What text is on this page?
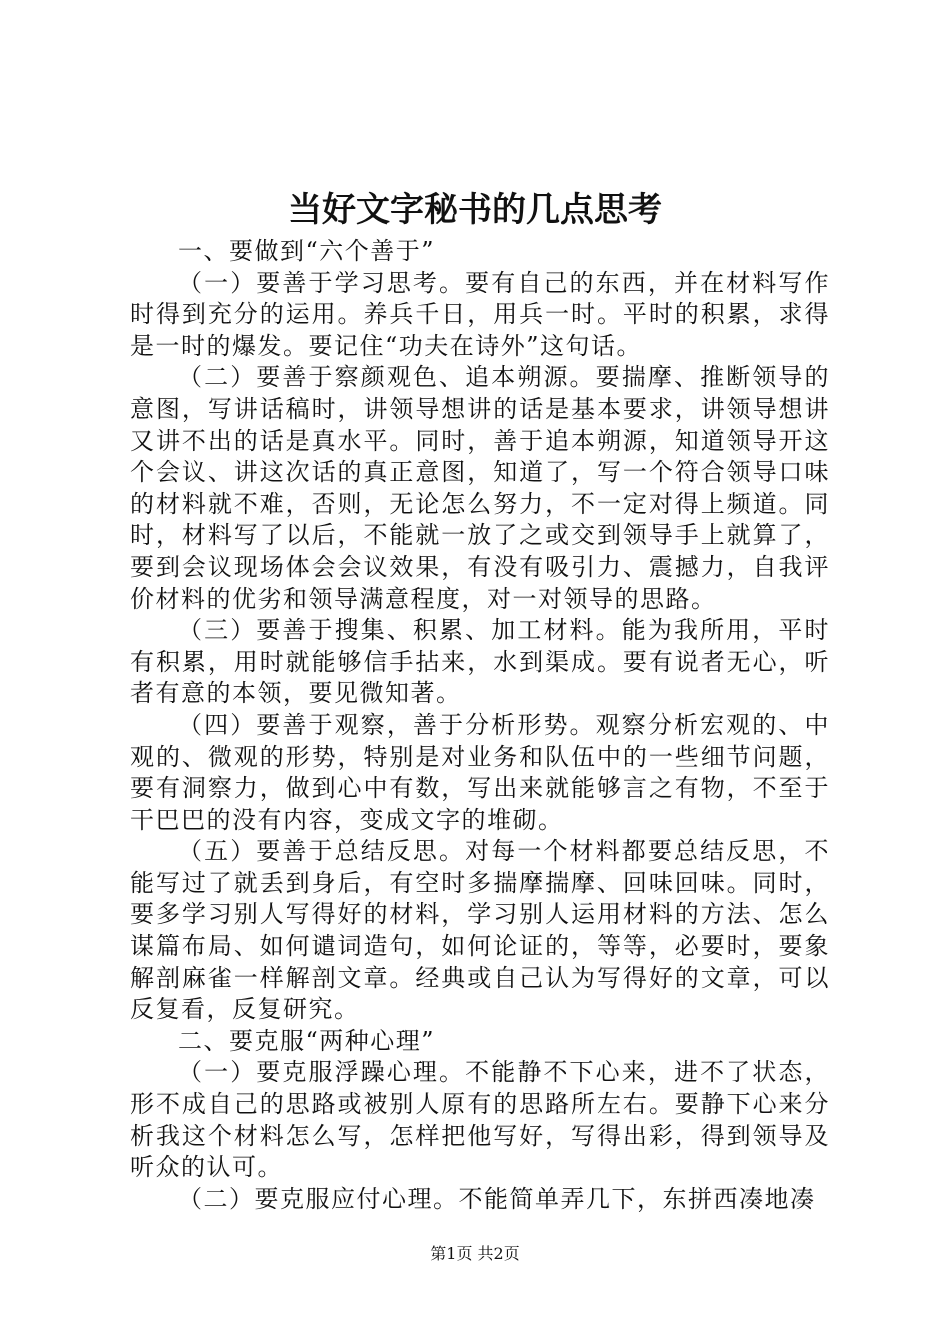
当好文字秘书的几点思考

一、要做到“六个善于”

（一）要善于学习思考。要有自己的东西，并在材料写作时得到充分的运用。养兵千日，用兵一时。平时的积累，求得是一时的爆发。要记住“功夫在诗外”这句话。

（二）要善于察颜观色、追本朔源。要揣摩、推断领导的意图，写讲话稿时，讲领导想讲的话是基本要求，讲领导想讲又讲不出的话是真水平。同时，善于追本朔源，知道领导开这个会议、讲这次话的真正意图，知道了，写一个符合领导口味的材料就不难，否则，无论怎么努力，不一定对得上频道。同时，材料写了以后，不能就一放了之或交到领导手上就算了，要到会议现场体会会议效果，有没有吸引力、震撼力，自我评价材料的优劣和领导满意程度，对一对领导的思路。

（三）要善于搜集、积累、加工材料。能为我所用，平时有积累，用时就能够信手拈来，水到渠成。要有说者无心，听者有意的本领，要见微知著。

（四）要善于观察，善于分析形势。观察分析宏观的、中观的、微观的形势，特别是对业务和队伍中的一些细节问题，要有洞察力，做到心中有数，写出来就能够言之有物，不至于干巴巴的没有内容，变成文字的堆砌。

（五）要善于总结反思。对每一个材料都要总结反思，不能写过了就丢到身后，有空时多揣摩揣摩、回味回味。同时，要多学习别人写得好的材料，学习别人运用材料的方法、怎么谋篇布局、如何谴词造句，如何论证的，等等，必要时，要象解剖麻雀一样解剖文章。经典或自己认为写得好的文章，可以反复看，反复研究。

二、要克服“两种心理”

（一）要克服浮躁心理。不能静不下心来，进不了状态，形不成自己的思路或被别人原有的思路所左右。要静下心来分析我这个材料怎么写，怎样把他写好，写得出彩，得到领导及听众的认可。

（二）要克服应付心理。不能简单弄几下，东拼西凑地凑

第1页 共2页
